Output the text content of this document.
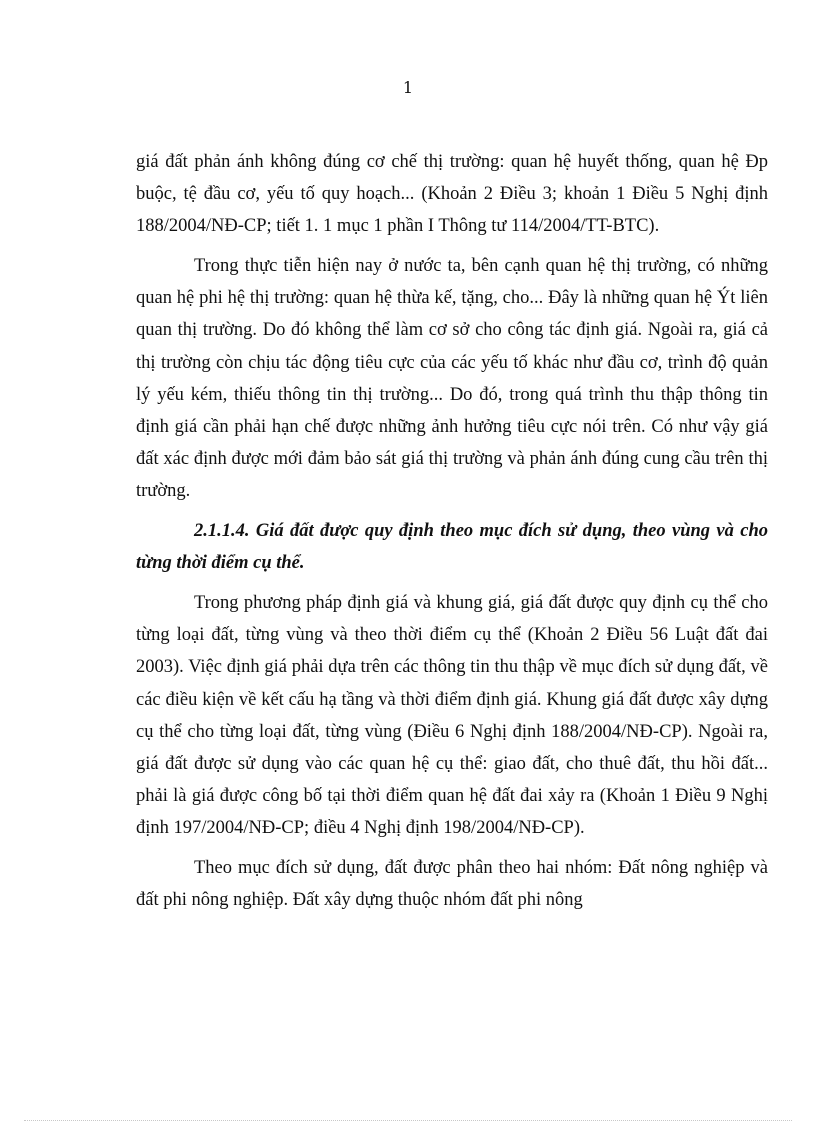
1

giá đất phản ánh không đúng cơ chế thị trường: quan hệ huyết thống, quan hệ Ðp buộc, tệ đầu cơ, yếu tố quy hoạch... (Khoản 2 Điều 3; khoản 1 Điều 5 Nghị định 188/2004/NĐ-CP; tiết 1. 1 mục 1 phần I Thông tư 114/2004/TT-BTC).

Trong thực tiễn hiện nay ở nước ta, bên cạnh quan hệ thị trường, có những quan hệ phi hệ thị trường: quan hệ thừa kế, tặng, cho... Đây là những quan hệ Ýt liên quan thị trường. Do đó không thể làm cơ sở cho công tác định giá. Ngoài ra, giá cả thị trường còn chịu tác động tiêu cực của các yếu tố khác như đầu cơ, trình độ quản lý yếu kém, thiếu thông tin thị trường... Do đó, trong quá trình thu thập thông tin định giá cần phải hạn chế được những ảnh hưởng tiêu cực nói trên. Có như vậy giá đất xác định được mới đảm bảo sát giá thị trường và phản ánh đúng cung cầu trên thị trường.

2.1.1.4. Giá đất được quy định theo mục đích sử dụng, theo vùng và cho từng thời điểm cụ thể.

Trong phương pháp định giá và khung giá, giá đất được quy định cụ thể cho từng loại đất, từng vùng và theo thời điểm cụ thể (Khoản 2 Điều 56 Luật đất đai 2003). Việc định giá phải dựa trên các thông tin thu thập về mục đích sử dụng đất, về các điều kiện về kết cấu hạ tầng và thời điểm định giá. Khung giá đất được xây dựng cụ thể cho từng loại đất, từng vùng (Điều 6 Nghị định 188/2004/NĐ-CP). Ngoài ra, giá đất được sử dụng vào các quan hệ cụ thể: giao đất, cho thuê đất, thu hồi đất... phải là giá được công bố tại thời điểm quan hệ đất đai xảy ra (Khoản 1 Điều 9 Nghị định 197/2004/NĐ-CP; điều 4 Nghị định 198/2004/NĐ-CP).

Theo mục đích sử dụng, đất được phân theo hai nhóm: Đất nông nghiệp và đất phi nông nghiệp. Đất xây dựng thuộc nhóm đất phi nông
